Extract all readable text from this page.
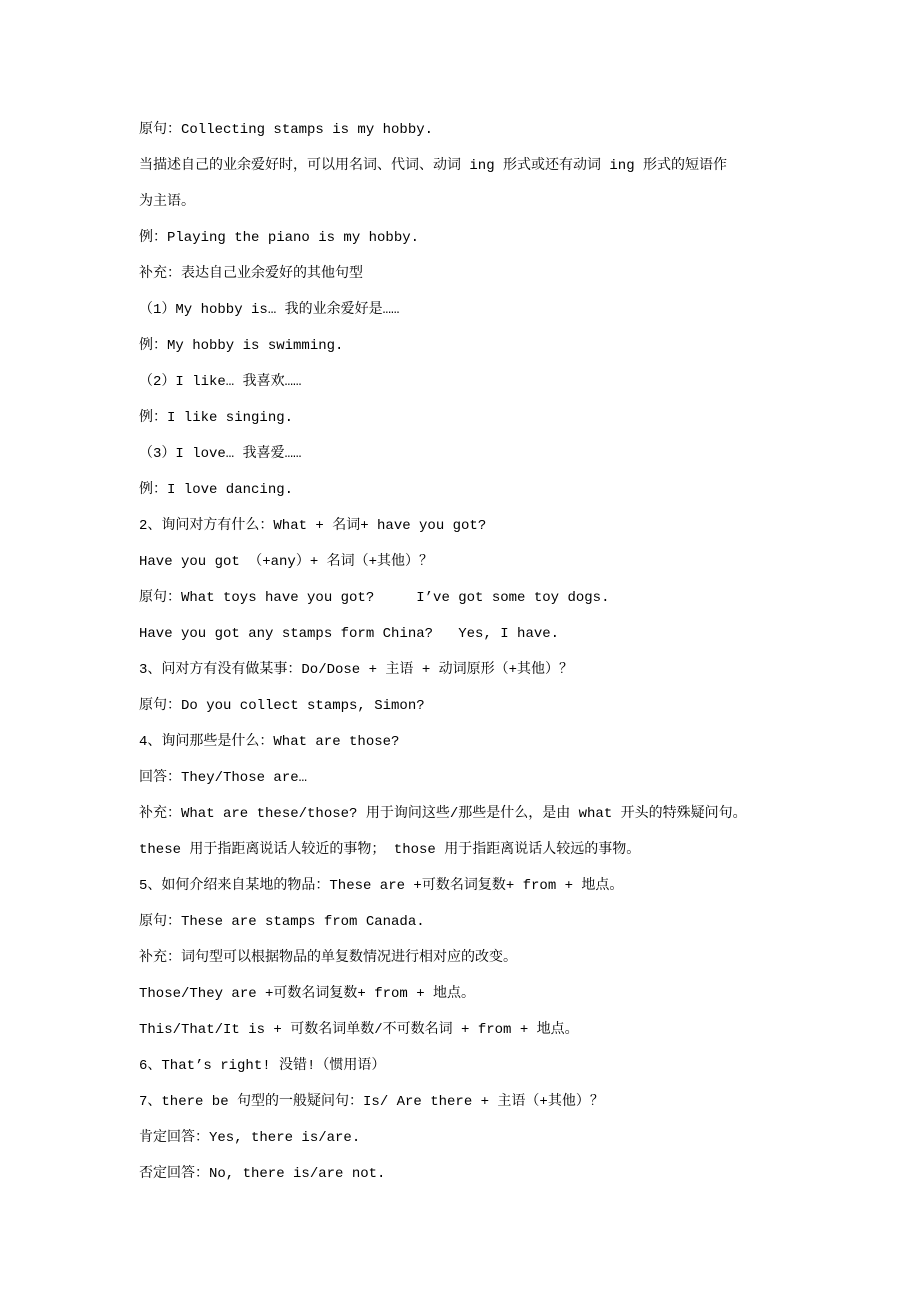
原句：Collecting stamps is my hobby.
当描述自己的业余爱好时，可以用名词、代词、动词 ing 形式或还有动词 ing 形式的短语作
为主语。
例：Playing the piano is my hobby.
补充：表达自己业余爱好的其他句型
（1）My hobby is… 我的业余爱好是……
例：My hobby is swimming.
（2）I like… 我喜欢……
例：I like singing.
（3）I love… 我喜爱……
例：I love dancing.
2、询问对方有什么：What + 名词+ have you got?
Have you got （+any）+ 名词（+其他）？
原句：What toys have you got?     I’ve got some toy dogs.
Have you got any stamps form China?   Yes, I have.
3、问对方有没有做某事：Do/Dose + 主语 + 动词原形（+其他）？
原句：Do you collect stamps, Simon?
4、询问那些是什么：What are those?
回答：They/Those are…
补充：What are these/those? 用于询问这些/那些是什么，是由 what 开头的特殊疑问句。
these 用于指距离说话人较近的事物； those 用于指距离说话人较远的事物。
5、如何介绍来自某地的物品：These are +可数名词复数+ from + 地点。
原句：These are stamps from Canada.
补充：词句型可以根据物品的单复数情况进行相对应的改变。
Those/They are +可数名词复数+ from + 地点。
This/That/It is + 可数名词单数/不可数名词 + from + 地点。
6、That’s right! 没错!（惯用语）
7、there be 句型的一般疑问句：Is/ Are there + 主语（+其他）？
肯定回答：Yes, there is/are.
否定回答：No, there is/are not.
